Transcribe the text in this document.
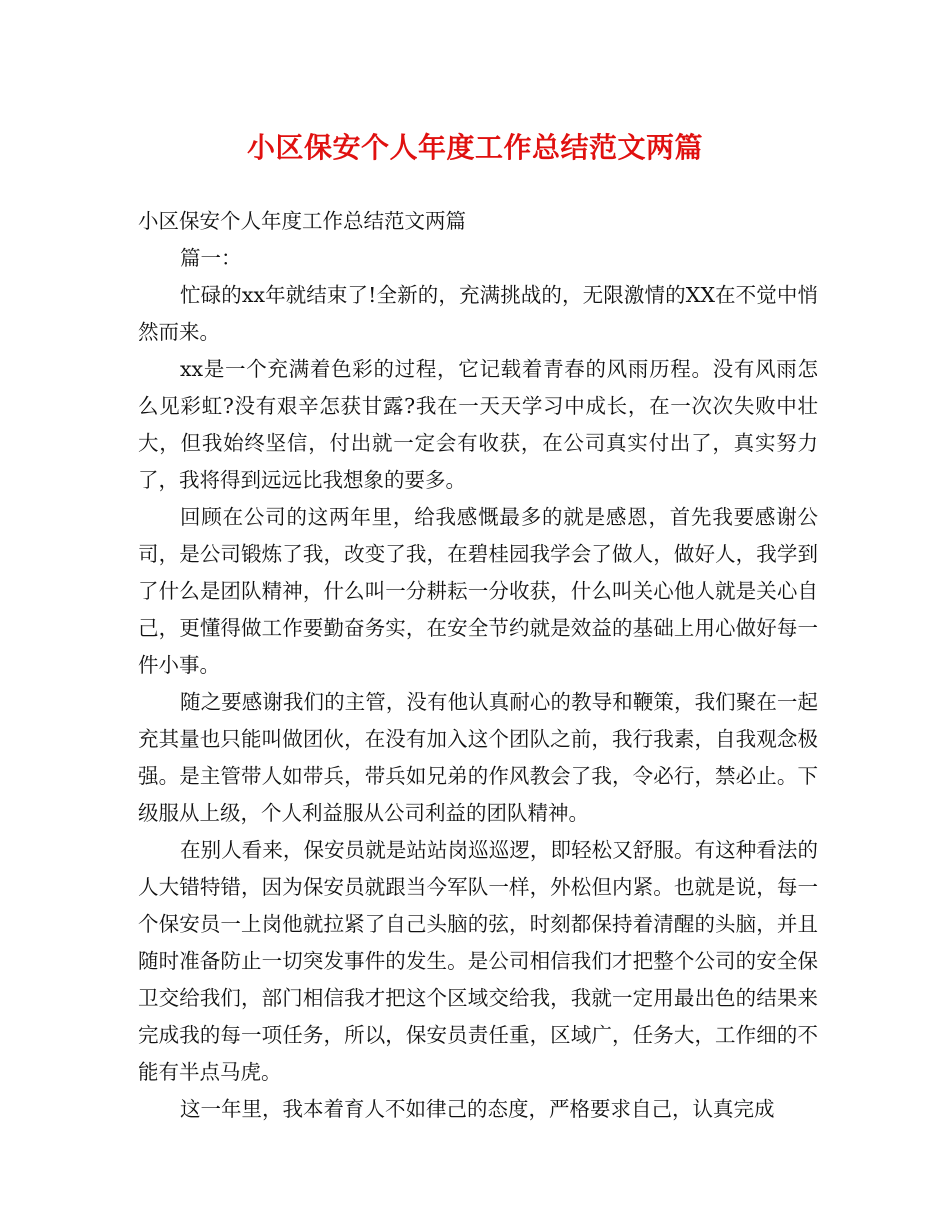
小区保安个人年度工作总结范文两篇

小区保安个人年度工作总结范文两篇

篇一：

忙碌的xx年就结束了!全新的，充满挑战的，无限激情的XX在不觉中悄然而来。

xx是一个充满着色彩的过程，它记载着青春的风雨历程。没有风雨怎么见彩虹?没有艰辛怎获甘露?我在一天天学习中成长，在一次次失败中壮大，但我始终坚信，付出就一定会有收获，在公司真实付出了，真实努力了，我将得到远远比我想象的要多。

回顾在公司的这两年里，给我感慨最多的就是感恩，首先我要感谢公司，是公司锻炼了我，改变了我，在碧桂园我学会了做人，做好人，我学到了什么是团队精神，什么叫一分耕耘一分收获，什么叫关心他人就是关心自己，更懂得做工作要勤奋务实，在安全节约就是效益的基础上用心做好每一件小事。

随之要感谢我们的主管，没有他认真耐心的教导和鞭策，我们聚在一起充其量也只能叫做团伙，在没有加入这个团队之前，我行我素，自我观念极强。是主管带人如带兵，带兵如兄弟的作风教会了我，令必行，禁必止。下级服从上级，个人利益服从公司利益的团队精神。

在别人看来，保安员就是站站岗巡巡逻，即轻松又舒服。有这种看法的人大错特错，因为保安员就跟当今军队一样，外松但内紧。也就是说，每一个保安员一上岗他就拉紧了自己头脑的弦，时刻都保持着清醒的头脑，并且随时准备防止一切突发事件的发生。是公司相信我们才把整个公司的安全保卫交给我们，部门相信我才把这个区域交给我，我就一定用最出色的结果来完成我的每一项任务，所以，保安员责任重，区域广，任务大，工作细的不能有半点马虎。

这一年里，我本着育人不如律己的态度，严格要求自己，认真完成
